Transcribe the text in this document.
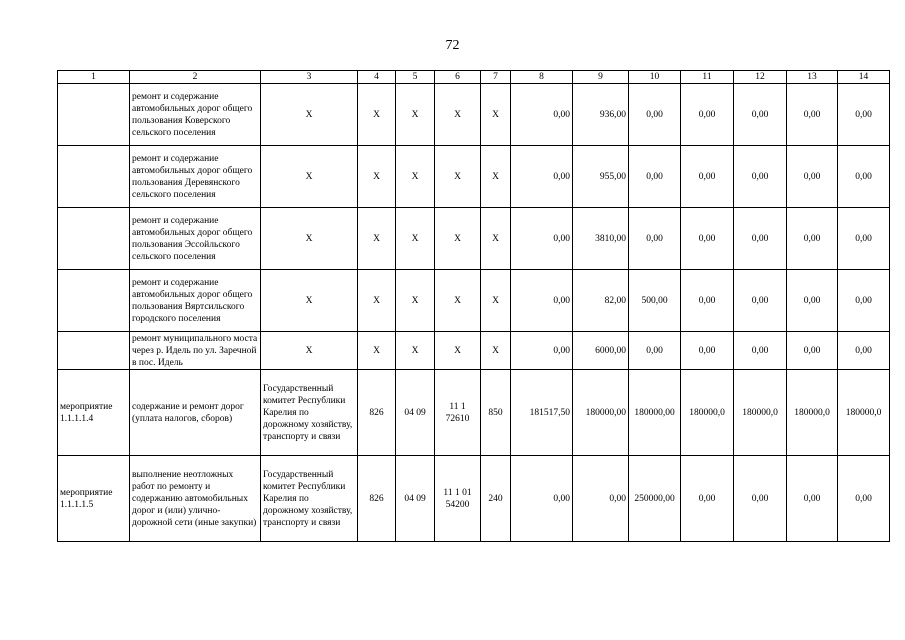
72
1	2	3	4	5	6	7	8	9	10	11	12	13	14
	ремонт и содержание автомобильных дорог общего пользования Коверского сельского поселения	Х	Х	Х	Х	Х	0,00	936,00	0,00	0,00	0,00	0,00	0,00
	ремонт и содержание автомобильных дорог общего пользования Деревянского сельского поселения	Х	Х	Х	Х	Х	0,00	955,00	0,00	0,00	0,00	0,00	0,00
	ремонт и содержание автомобильных дорог общего пользования Эссойльского сельского поселения	Х	Х	Х	Х	Х	0,00	3810,00	0,00	0,00	0,00	0,00	0,00
	ремонт и содержание автомобильных дорог общего пользования Вяртсильского городского поселения	Х	Х	Х	Х	Х	0,00	82,00	500,00	0,00	0,00	0,00	0,00
	ремонт муниципального моста через р. Идель по ул. Заречной в пос. Идель	Х	Х	Х	Х	Х	0,00	6000,00	0,00	0,00	0,00	0,00	0,00
мероприятие 1.1.1.1.4	содержание и ремонт дорог (уплата налогов, сборов)	Государственный комитет Республики Карелия по дорожному хозяйству, транспорту и связи	826	04 09	11 1 72610	850	181517,50	180000,00	180000,00	180000,0	180000,0	180000,0	180000,0
мероприятие 1.1.1.1.5	выполнение неотложных работ по ремонту и содержанию автомобильных дорог и (или) улично-дорожной сети (иные закупки)	Государственный комитет Республики Карелия по дорожному хозяйству, транспорту и связи	826	04 09	11 1 01 54200	240	0,00	0,00	250000,00	0,00	0,00	0,00	0,00
